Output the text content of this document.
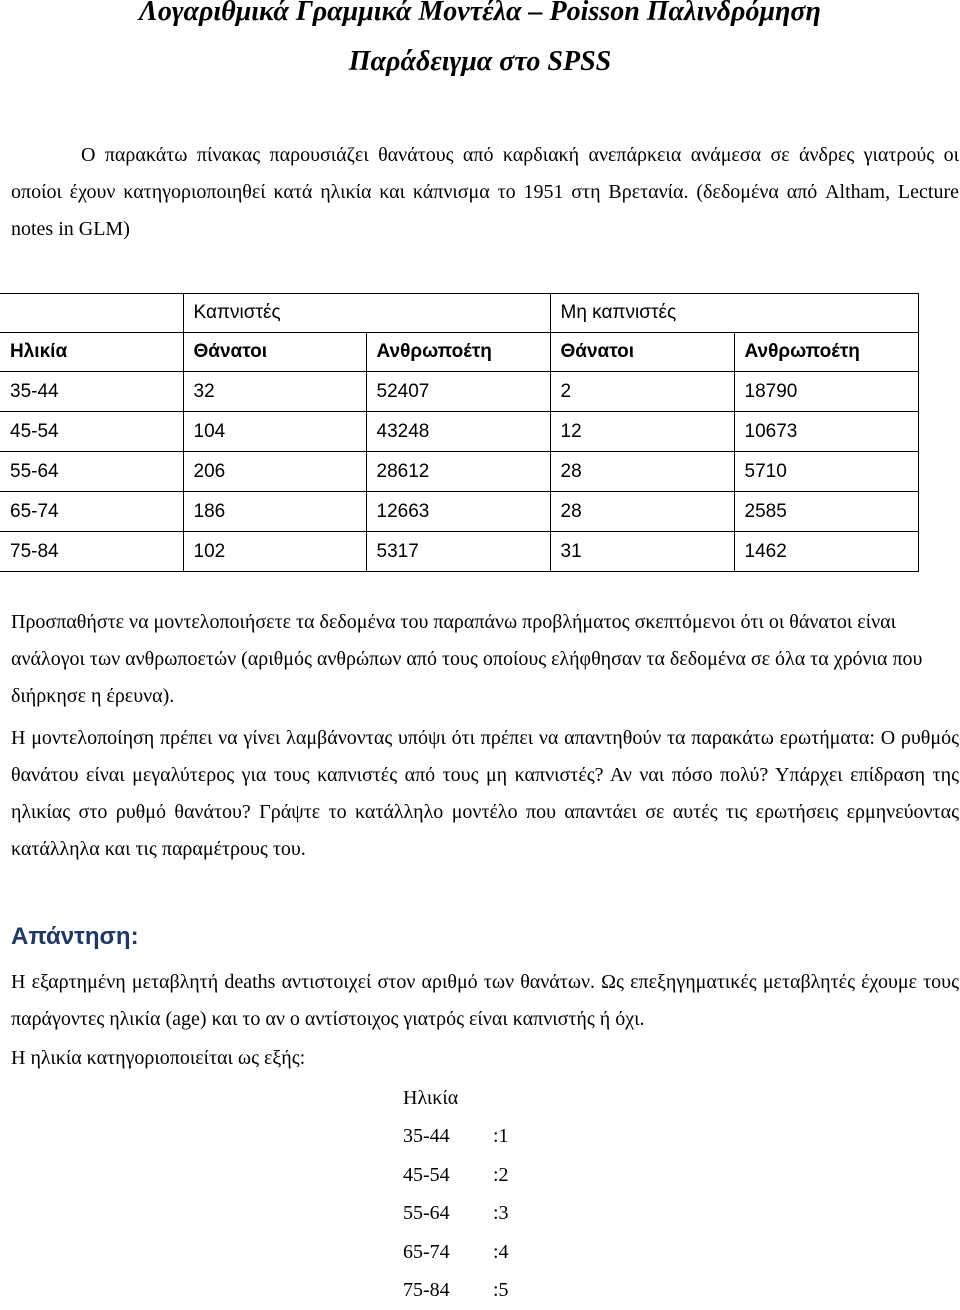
Λογαριθμικά Γραμμικά Μοντέλα – Poisson Παλινδρόμηση
Παράδειγμα στο SPSS

Ο παρακάτω πίνακας παρουσιάζει θανάτους από καρδιακή ανεπάρκεια ανάμεσα σε άνδρες γιατρούς οι οποίοι έχουν κατηγοριοποιηθεί κατά ηλικία και κάπνισμα το 1951 στη Βρετανία. (δεδομένα από Altham, Lecture notes in GLM)

	Καπνιστές		Μη καπνιστές	
Ηλικία	Θάνατοι	Ανθρωποέτη	Θάνατοι	Ανθρωποέτη
35-44	32	52407	2	18790
45-54	104	43248	12	10673
55-64	206	28612	28	5710
65-74	186	12663	28	2585
75-84	102	5317	31	1462

Προσπαθήστε να μοντελοποιήσετε τα δεδομένα του παραπάνω προβλήματος σκεπτόμενοι ότι οι θάνατοι είναι ανάλογοι των ανθρωποετών (αριθμός ανθρώπων από τους οποίους ελήφθησαν τα δεδομένα σε όλα τα χρόνια που διήρκησε η έρευνα).

Η μοντελοποίηση πρέπει να γίνει λαμβάνοντας υπόψι ότι πρέπει να απαντηθούν τα παρακάτω ερωτήματα: Ο ρυθμός θανάτου είναι μεγαλύτερος για τους καπνιστές από τους μη καπνιστές? Αν ναι πόσο πολύ? Υπάρχει επίδραση της ηλικίας στο ρυθμό θανάτου? Γράψτε το κατάλληλο μοντέλο που απαντάει σε αυτές τις ερωτήσεις ερμηνεύοντας κατάλληλα και τις παραμέτρους του.

Απάντηση:

Η εξαρτημένη μεταβλητή deaths αντιστοιχεί στον αριθμό των θανάτων. Ως επεξηγηματικές μεταβλητές έχουμε τους παράγοντες ηλικία (age) και το αν ο αντίστοιχος γιατρός είναι καπνιστής ή όχι.

Η ηλικία κατηγοριοποιείται ως εξής:

Ηλικία
35-44 :1
45-54 :2
55-64 :3
65-74 :4
75-84 :5
